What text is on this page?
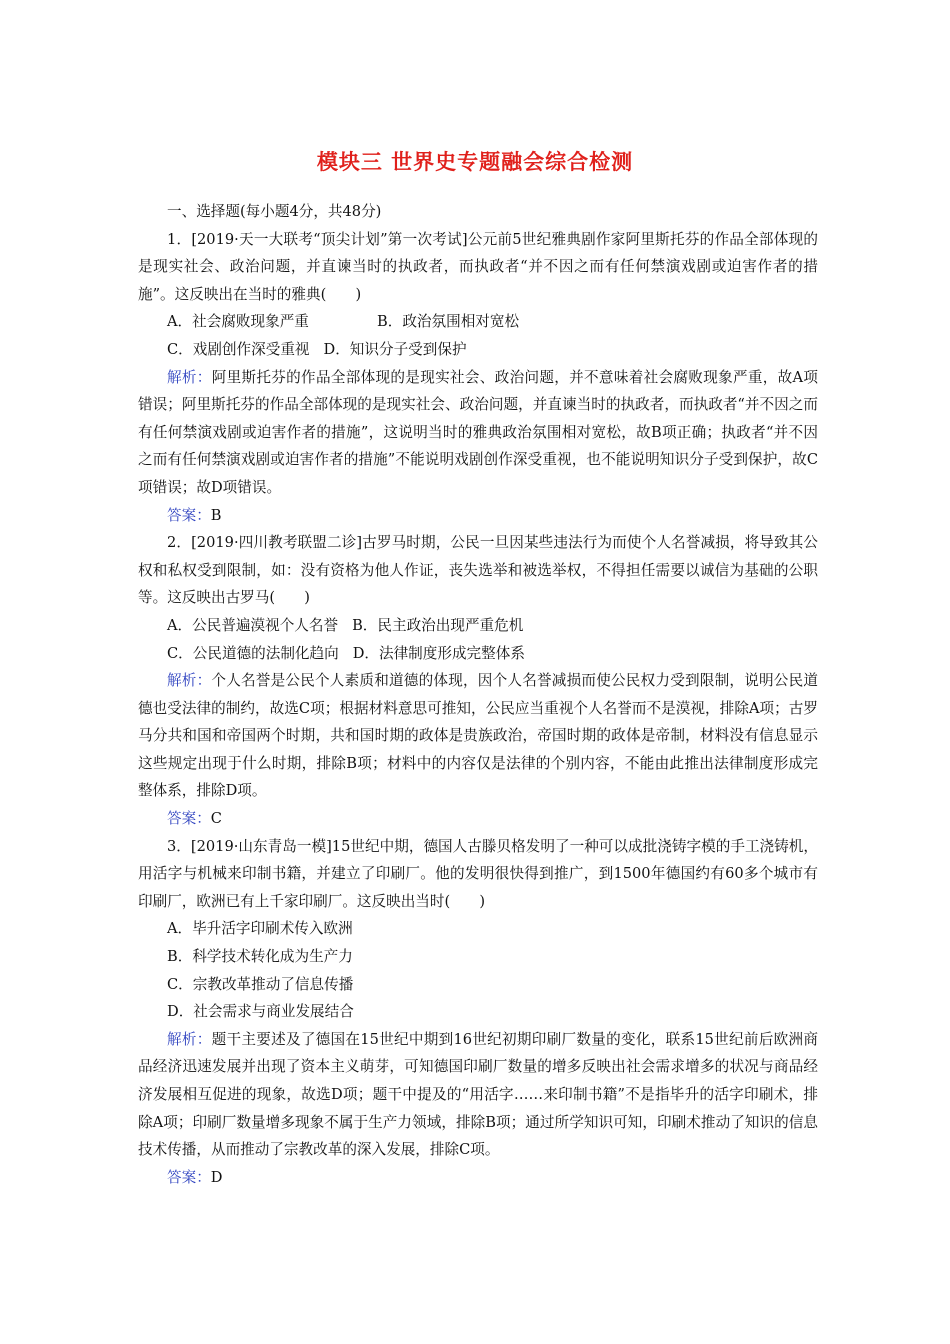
模块三 世界史专题融会综合检测

一、选择题(每小题4分，共48分)

1．[2019·天一大联考“顶尖计划”第一次考试]公元前5世纪雅典剧作家阿里斯托芬的作品全部体现的是现实社会、政治问题，并直谏当时的执政者，而执政者“并不因之而有任何禁演戏剧或迫害作者的措施”。这反映出在当时的雅典(　　)

A．社会腐败现象严重	B．政治氛围相对宽松
C．戏剧创作深受重视 D．知识分子受到保护

解析：阿里斯托芬的作品全部体现的是现实社会、政治问题，并不意味着社会腐败现象严重，故A项错误；阿里斯托芬的作品全部体现的是现实社会、政治问题，并直谏当时的执政者，而执政者“并不因之而有任何禁演戏剧或迫害作者的措施”，这说明当时的雅典政治氛围相对宽松，故B项正确；执政者“并不因之而有任何禁演戏剧或迫害作者的措施”不能说明戏剧创作深受重视，也不能说明知识分子受到保护，故C项错误；故D项错误。

答案：B

2．[2019·四川教考联盟二诊]古罗马时期，公民一旦因某些违法行为而使个人名誉减损，将导致其公权和私权受到限制，如：没有资格为他人作证，丧失选举和被选举权，不得担任需要以诚信为基础的公职等。这反映出古罗马(　　)

A．公民普遍漠视个人名誉 B．民主政治出现严重危机
C．公民道德的法制化趋向 D．法律制度形成完整体系

解析：个人名誉是公民个人素质和道德的体现，因个人名誉减损而使公民权力受到限制，说明公民道德也受法律的制约，故选C项；根据材料意思可推知，公民应当重视个人名誉而不是漠视，排除A项；古罗马分共和国和帝国两个时期，共和国时期的政体是贵族政治，帝国时期的政体是帝制，材料没有信息显示这些规定出现于什么时期，排除B项；材料中的内容仅是法律的个别内容，不能由此推出法律制度形成完整体系，排除D项。

答案：C

3．[2019·山东青岛一模]15世纪中期，德国人古滕贝格发明了一种可以成批浇铸字模的手工浇铸机，用活字与机械来印制书籍，并建立了印刷厂。他的发明很快得到推广，到1500年德国约有60多个城市有印刷厂，欧洲已有上千家印刷厂。这反映出当时(　　)

A．毕升活字印刷术传入欧洲

B．科学技术转化成为生产力

C．宗教改革推动了信息传播

D．社会需求与商业发展结合

解析：题干主要述及了德国在15世纪中期到16世纪初期印刷厂数量的变化，联系15世纪前后欧洲商品经济迅速发展并出现了资本主义萌芽，可知德国印刷厂数量的增多反映出社会需求增多的状况与商品经济发展相互促进的现象，故选D项；题干中提及的“用活字……来印制书籍”不是指毕升的活字印刷术，排除A项；印刷厂数量增多现象不属于生产力领域，排除B项；通过所学知识可知，印刷术推动了知识的信息技术传播，从而推动了宗教改革的深入发展，排除C项。

答案：D
